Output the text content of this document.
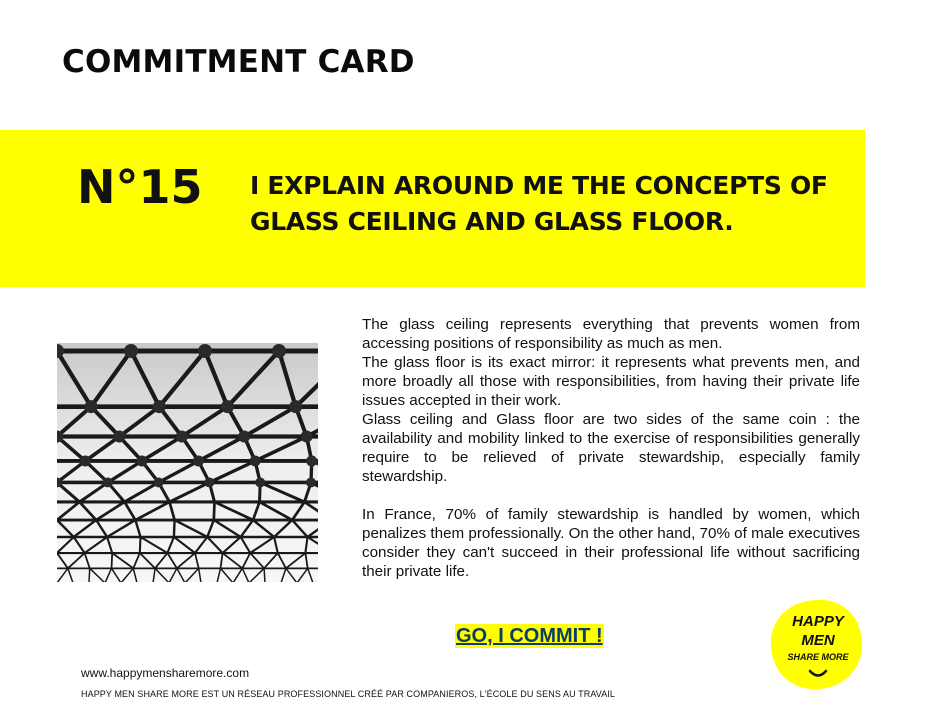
COMMITMENT CARD
N°15 I EXPLAIN AROUND ME THE CONCEPTS OF GLASS CEILING AND GLASS FLOOR.

The glass ceiling represents everything that prevents women from accessing positions of responsibility as much as men.

The glass floor is its exact mirror: it represents what prevents men, and more broadly all those with responsibilities, from having their private life issues accepted in their work.

Glass ceiling and Glass floor are two sides of the same coin : the availability and mobility linked to the exercise of responsibilities generally require to be relieved of private stewardship, especially family stewardship.

In France, 70% of family stewardship is handled by women, which penalizes them professionally. On the other hand, 70% of male executives consider they can't succeed in their professional life without sacrificing their private life.

GO, I COMMIT !
HAPPY
MEN
SHARE MORE
www.happymensharemore.com
HAPPY MEN SHARE MORE EST UN RÉSEAU PROFESSIONNEL CRÉÉ PAR COMPANIEROS, L'ÉCOLE DU SENS AU TRAVAIL
